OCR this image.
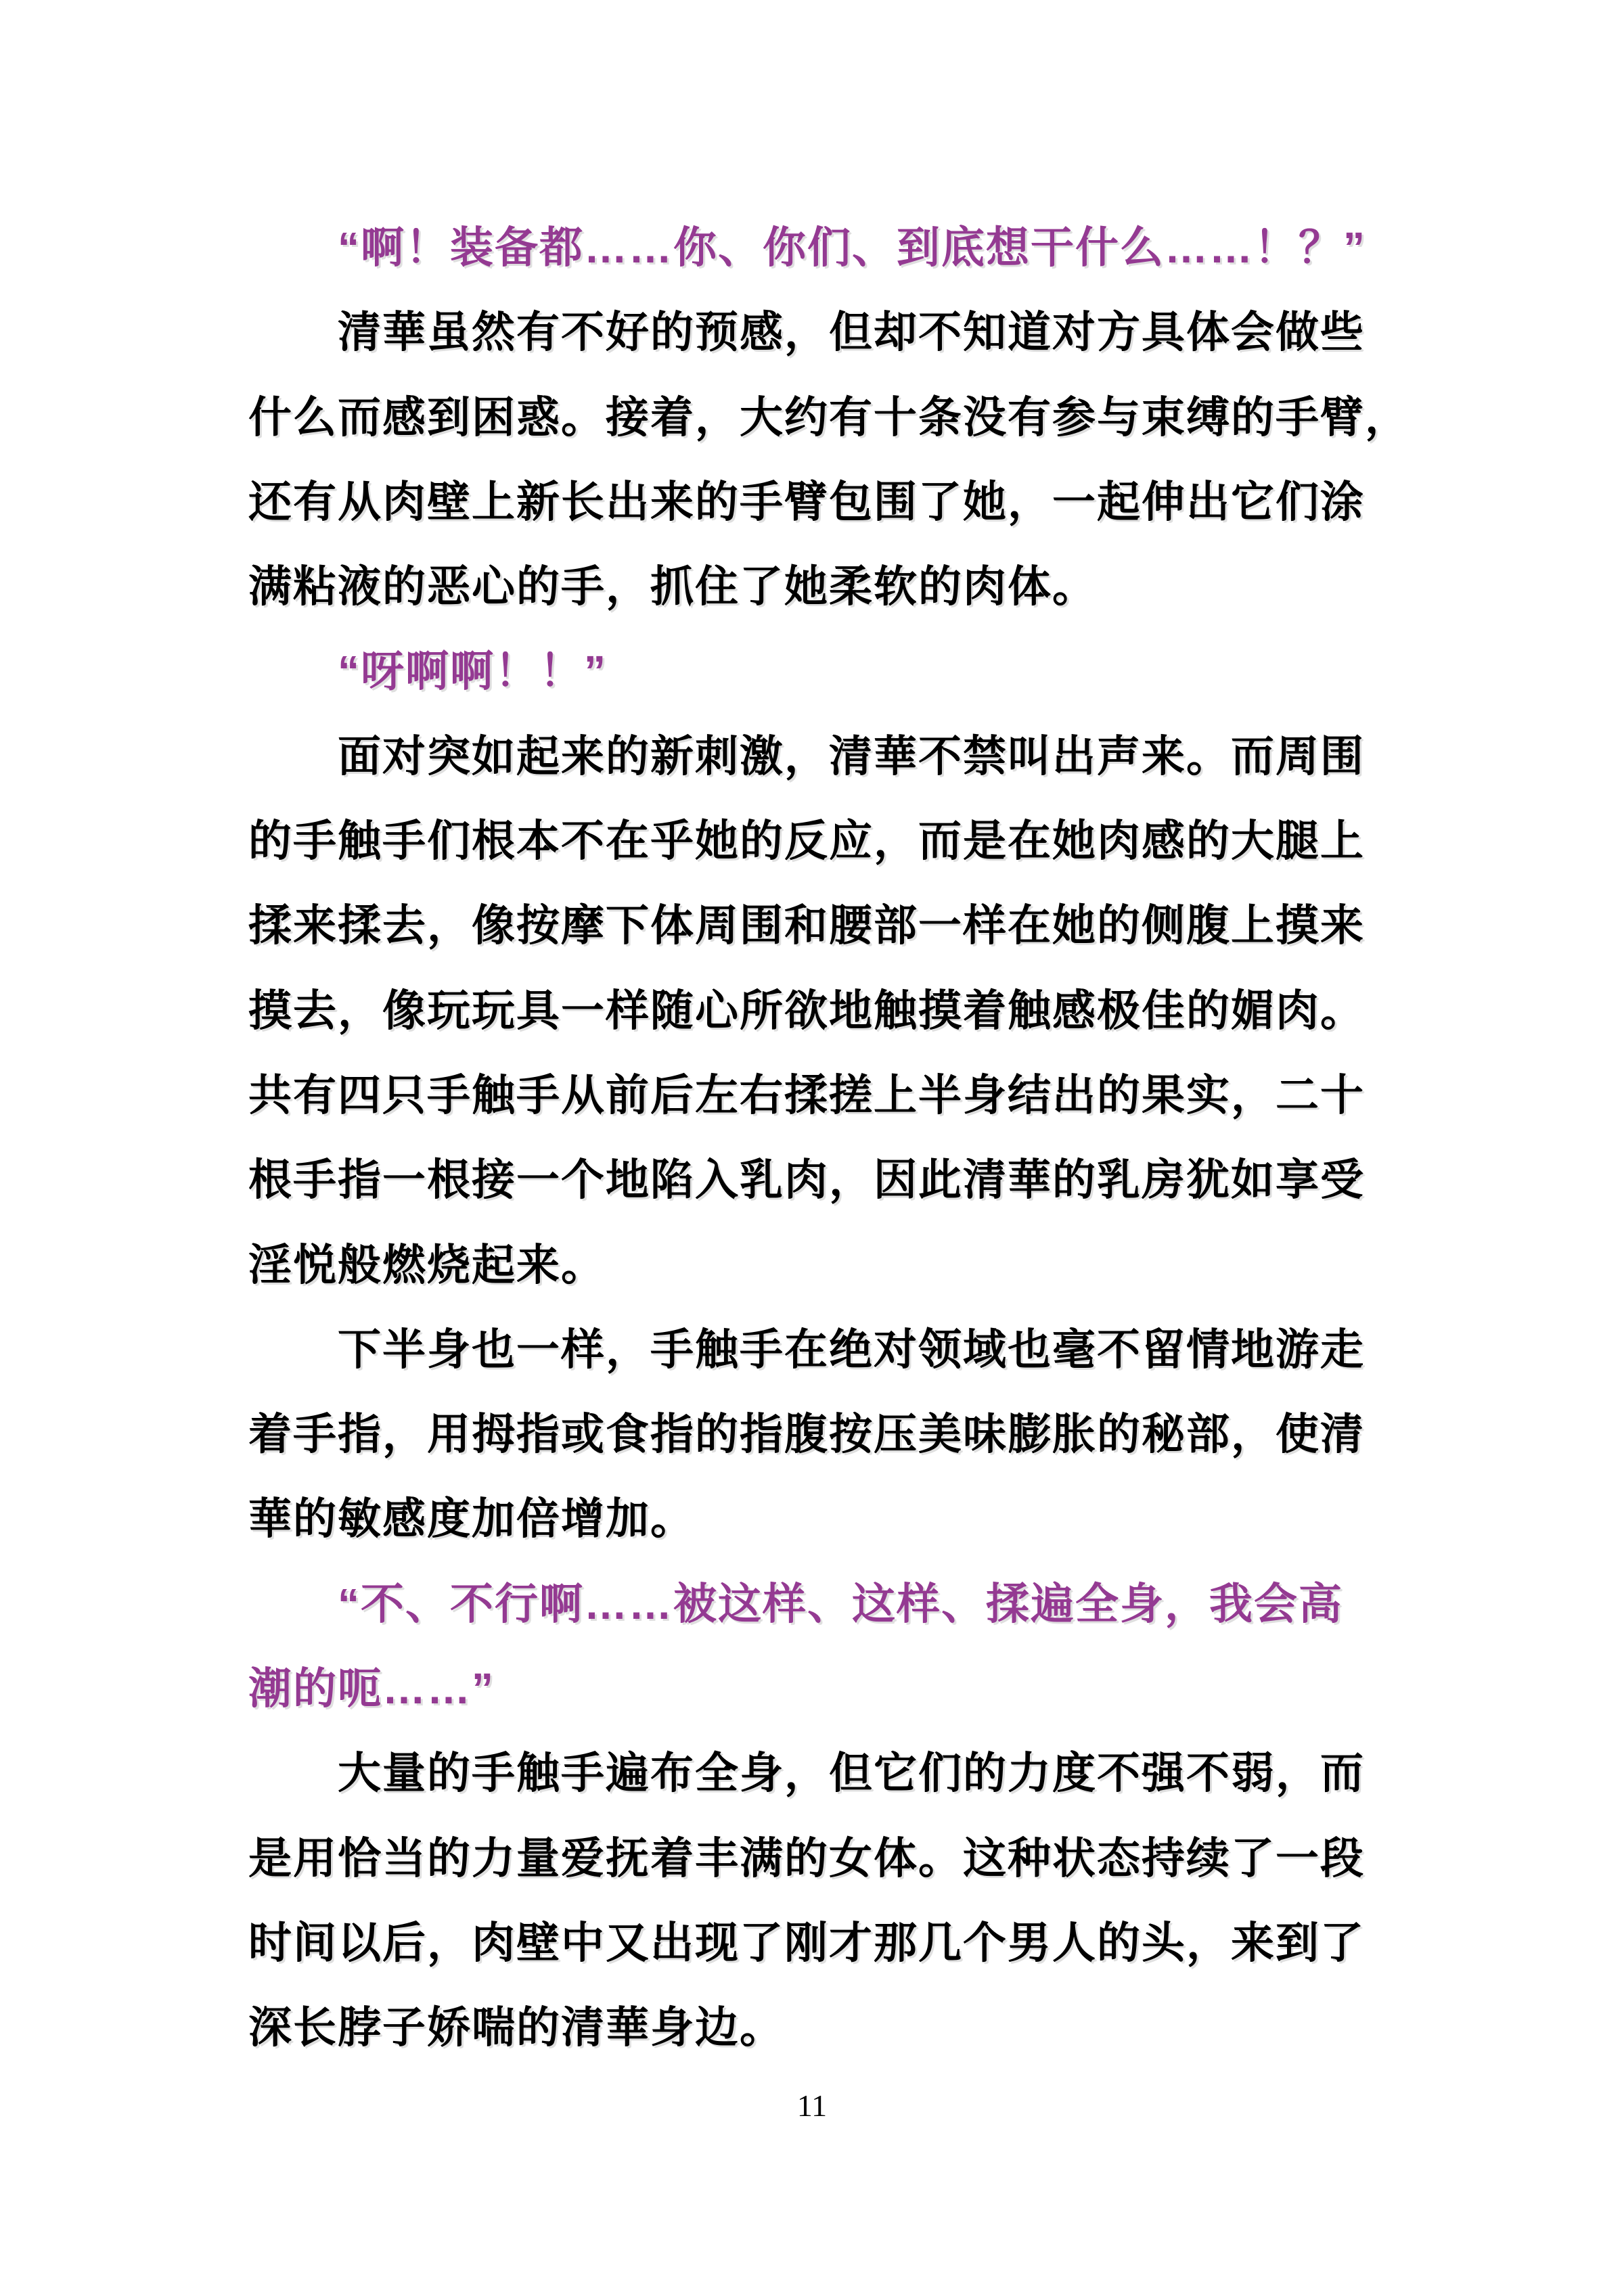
“啊！装备都……你、你们、到底想干什么……！？”
清華虽然有不好的预感，但却不知道对方具体会做些
什么而感到困惑。接着，大约有十条没有参与束缚的手臂，
还有从肉壁上新长出来的手臂包围了她，一起伸出它们涂
满粘液的恶心的手，抓住了她柔软的肉体。
“呀啊啊！！”
面对突如起来的新刺激，清華不禁叫出声来。而周围
的手触手们根本不在乎她的反应，而是在她肉感的大腿上
揉来揉去，像按摩下体周围和腰部一样在她的侧腹上摸来
摸去，像玩玩具一样随心所欲地触摸着触感极佳的媚肉。
共有四只手触手从前后左右揉搓上半身结出的果实，二十
根手指一根接一个地陷入乳肉，因此清華的乳房犹如享受
淫悦般燃烧起来。
下半身也一样，手触手在绝对领域也毫不留情地游走
着手指，用拇指或食指的指腹按压美味膨胀的秘部，使清
華的敏感度加倍增加。
“不、不行啊……被这样、这样、揉遍全身，我会高
潮的呃……”
大量的手触手遍布全身，但它们的力度不强不弱，而
是用恰当的力量爱抚着丰满的女体。这种状态持续了一段
时间以后，肉壁中又出现了刚才那几个男人的头，来到了
深长脖子娇喘的清華身边。
11
